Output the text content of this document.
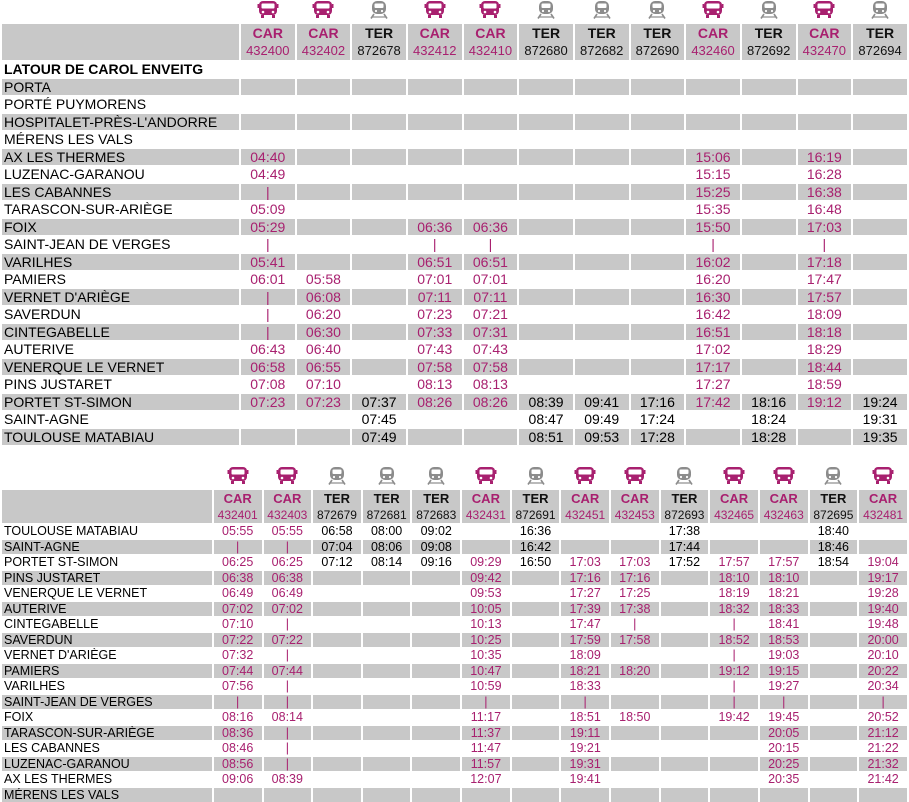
	CAR	CAR	TER	CAR	CAR	TER	TER	TER	CAR	TER	CAR	TER
	432400	432402	872678	432412	432410	872680	872682	872690	432460	872692	432470	872694
LATOUR DE CAROL ENVEITG												
PORTA												
PORTÉ PUYMORENS												
HOSPITALET-PRÈS-L'ANDORRE												
MÉRENS LES VALS												
AX LES THERMES	04:40								15:06		16:19	
LUZENAC-GARANOU	04:49								15:15		16:28	
LES CABANNES	|								15:25		16:38	
TARASCON-SUR-ARIÈGE	05:09								15:35		16:48	
FOIX	05:29			06:36	06:36				15:50		17:03	
SAINT-JEAN DE VERGES	|			|	|				|		|	
VARILHES	05:41			06:51	06:51				16:02		17:18	
PAMIERS	06:01	05:58		07:01	07:01				16:20		17:47	
VERNET D'ARIÈGE	|	06:08		07:11	07:11				16:30		17:57	
SAVERDUN	|	06:20		07:23	07:21				16:42		18:09	
CINTEGABELLE	|	06:30		07:33	07:31				16:51		18:18	
AUTERIVE	06:43	06:40		07:43	07:43				17:02		18:29	
VENERQUE LE VERNET	06:58	06:55		07:58	07:58				17:17		18:44	
PINS JUSTARET	07:08	07:10		08:13	08:13				17:27		18:59	
PORTET ST-SIMON	07:23	07:23	07:37	08:26	08:26	08:39	09:41	17:16	17:42	18:16	19:12	19:24
SAINT-AGNE			07:45			08:47	09:49	17:24		18:24		19:31
TOULOUSE MATABIAU			07:49			08:51	09:53	17:28		18:28		19:35

	CAR	CAR	TER	TER	TER	CAR	TER	CAR	CAR	TER	CAR	CAR	TER	CAR
	432401	432403	872679	872681	872683	432431	872691	432451	432453	872693	432465	432463	872695	432481
TOULOUSE MATABIAU	05:55	05:55	06:58	08:00	09:02		16:36			17:38			18:40	
SAINT-AGNE	|	|	07:04	08:06	09:08		16:42			17:44			18:46	
PORTET ST-SIMON	06:25	06:25	07:12	08:14	09:16	09:29	16:50	17:03	17:03	17:52	17:57	17:57	18:54	19:04
PINS JUSTARET	06:38	06:38				09:42		17:16	17:16		18:10	18:10		19:17
VENERQUE LE VERNET	06:49	06:49				09:53		17:27	17:25		18:19	18:21		19:28
AUTERIVE	07:02	07:02				10:05		17:39	17:38		18:32	18:33		19:40
CINTEGABELLE	07:10	|				10:13		17:47	|		|	18:41		19:48
SAVERDUN	07:22	07:22				10:25		17:59	17:58		18:52	18:53		20:00
VERNET D'ARIÈGE	07:32	|				10:35		18:09			|	19:03		20:10
PAMIERS	07:44	07:44				10:47		18:21	18:20		19:12	19:15		20:22
VARILHES	07:56	|				10:59		18:33			|	19:27		20:34
SAINT-JEAN DE VERGES	|	|				|		|			|	|		|
FOIX	08:16	08:14				11:17		18:51	18:50		19:42	19:45		20:52
TARASCON-SUR-ARIÈGE	08:36	|				11:37		19:11				20:05		21:12
LES CABANNES	08:46	|				11:47		19:21				20:15		21:22
LUZENAC-GARANOU	08:56	|				11:57		19:31				20:25		21:32
AX LES THERMES	09:06	08:39				12:07		19:41				20:35		21:42
MÉRENS LES VALS														
